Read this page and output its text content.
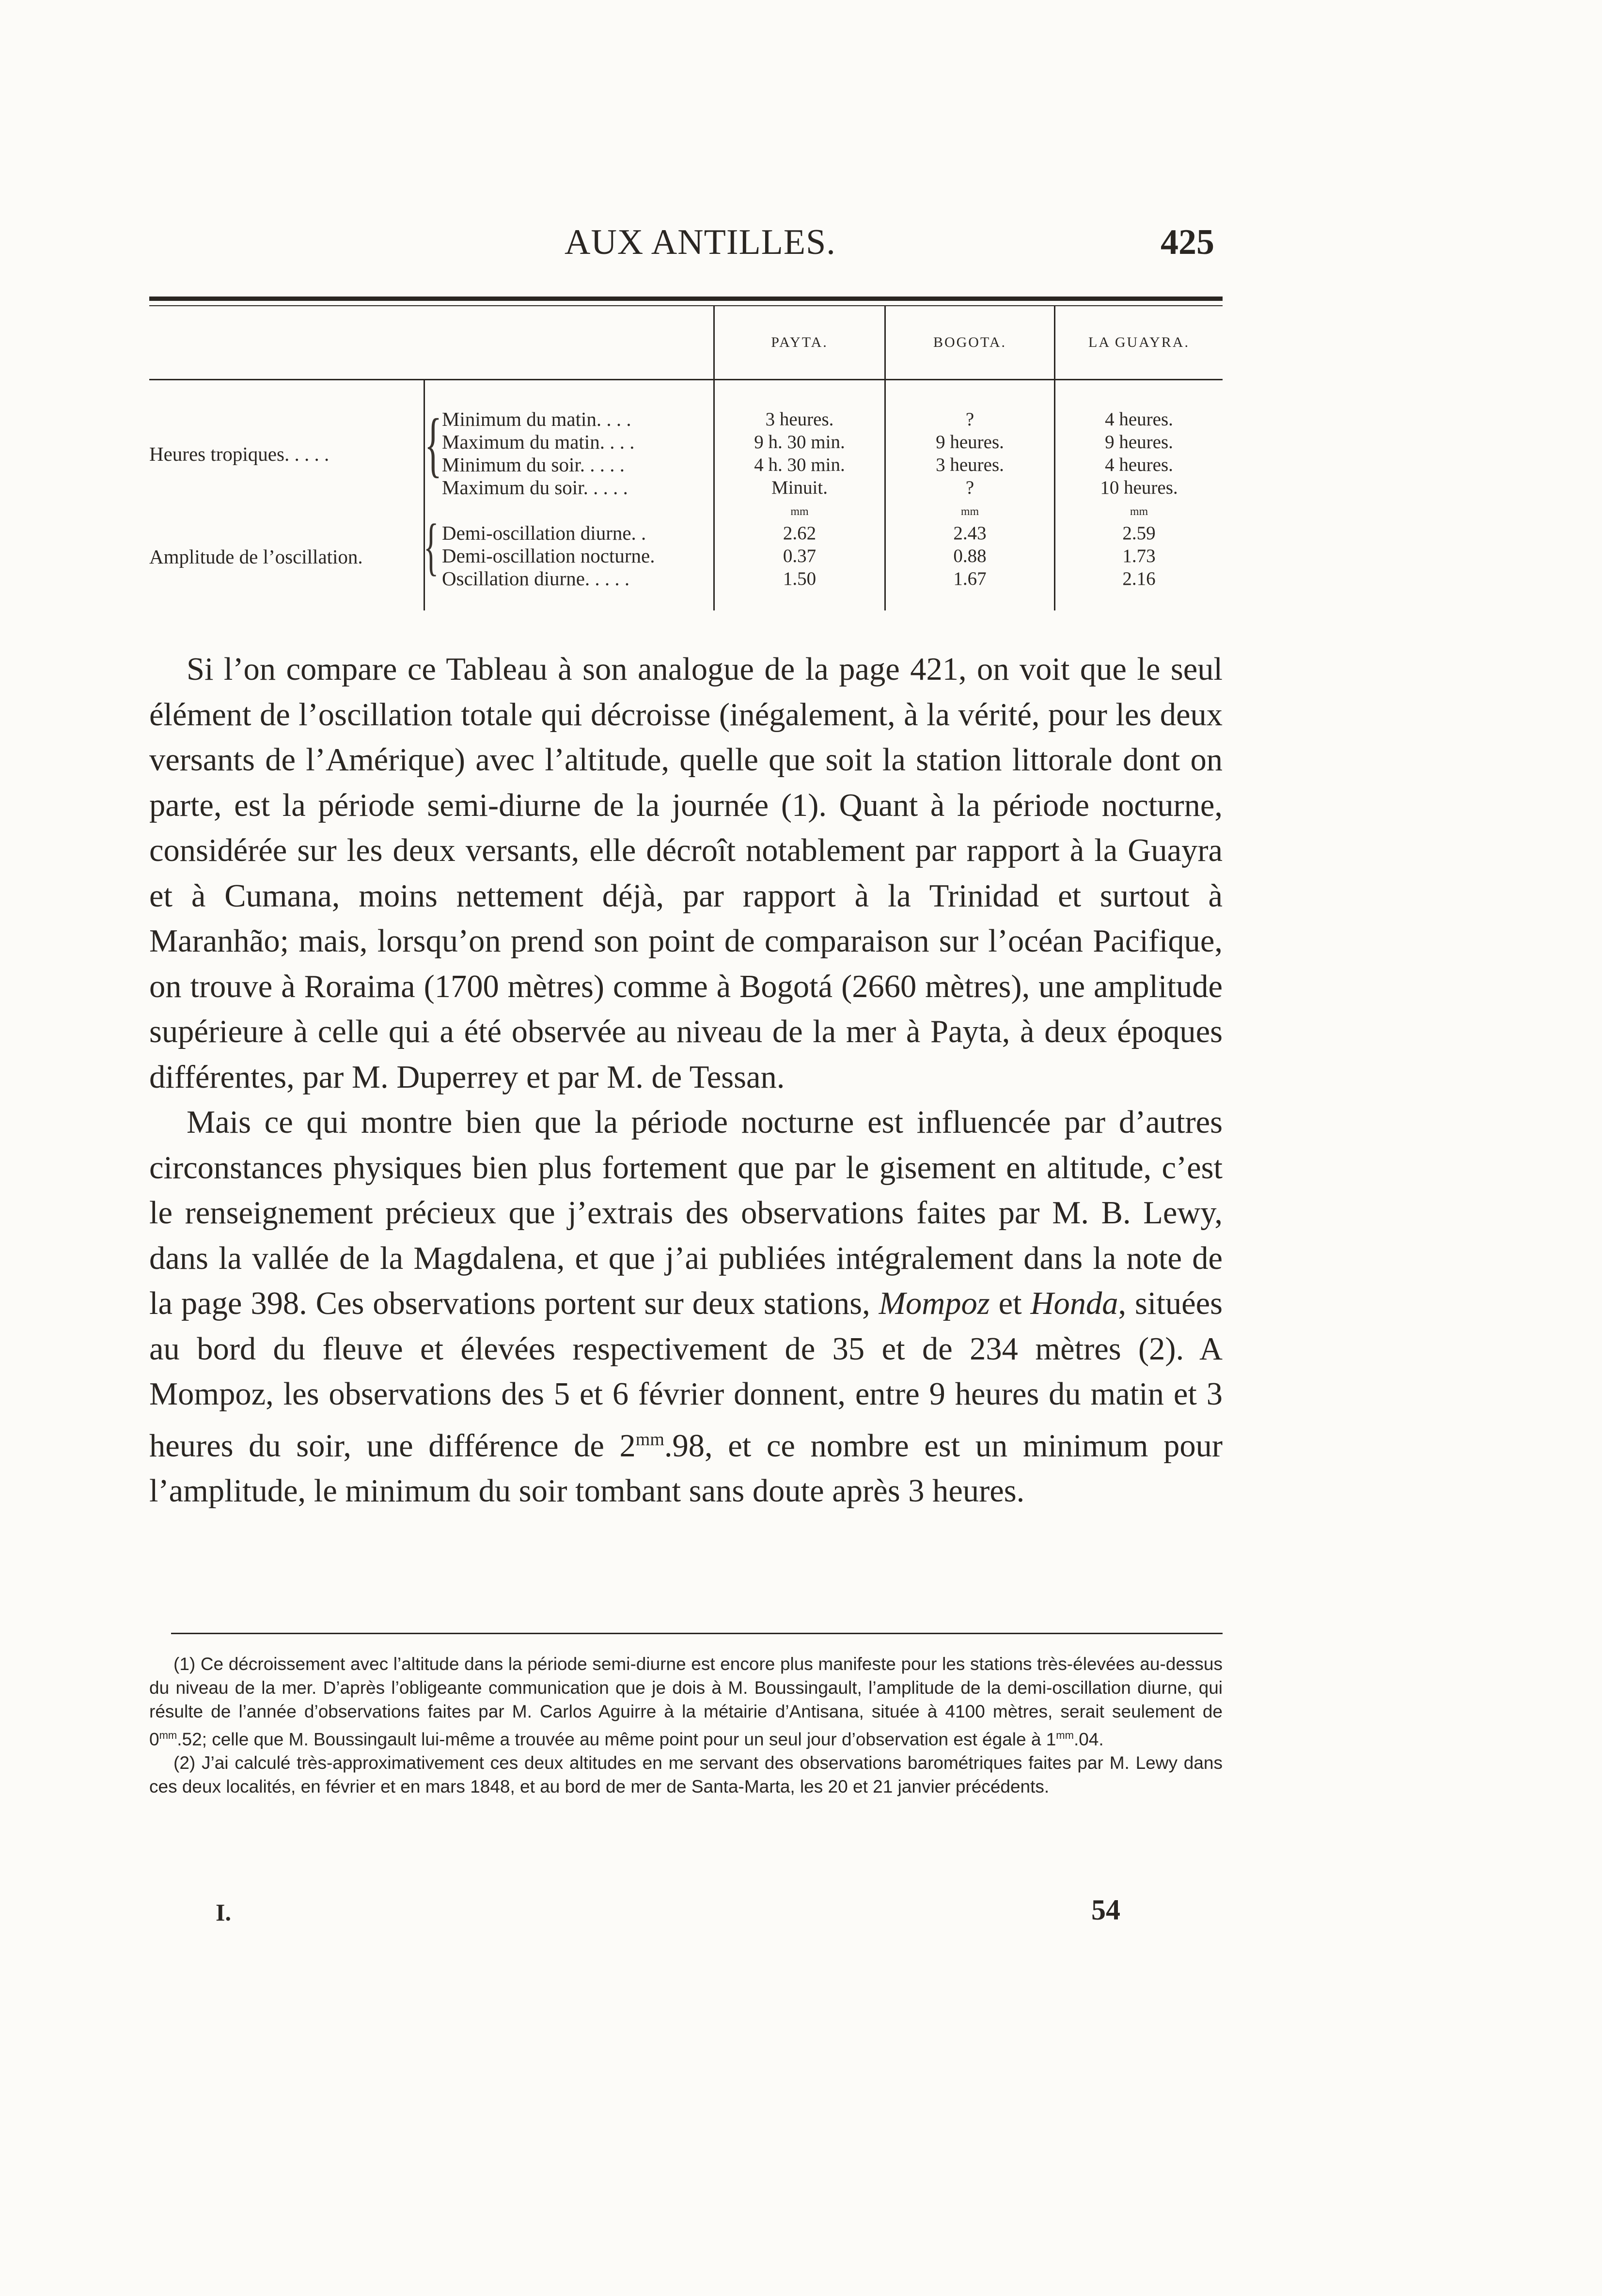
AUX ANTILLES.	425
PAYTA.	BOGOTA.	LA GUAYRA.
Heures tropiques. . . . . { Minimum du matin. . . .	3 heures.	?	4 heures.
Maximum du matin. . . .	9 h. 30 min.	9 heures.	9 heures.
Minimum du soir. . . . .	4 h. 30 min.	3 heures.	4 heures.
Maximum du soir. . . . .	Minuit.	?	10 heures.
mm	mm	mm
Amplitude de l’oscillation. { Demi-oscillation diurne. .	2.62	2.43	2.59
Demi-oscillation nocturne.	0.37	0.88	1.73
Oscillation diurne. . . . .	1.50	1.67	2.16

Si l’on compare ce Tableau à son analogue de la page 421, on voit que le seul élément de l’oscillation totale qui décroisse (inégalement, à la vérité, pour les deux versants de l’Amérique) avec l’altitude, quelle que soit la station littorale dont on parte, est la période semi-diurne de la journée (1). Quant à la période nocturne, considérée sur les deux versants, elle décroît notablement par rapport à la Guayra et à Cumana, moins nettement déjà, par rapport à la Trinidad et surtout à Maranhão; mais, lorsqu’on prend son point de comparaison sur l’océan Pacifique, on trouve à Roraima (1700 mètres) comme à Bogotá (2660 mètres), une amplitude supérieure à celle qui a été observée au niveau de la mer à Payta, à deux époques différentes, par M. Duperrey et par M. de Tessan.

Mais ce qui montre bien que la période nocturne est influencée par d’autres circonstances physiques bien plus fortement que par le gisement en altitude, c’est le renseignement précieux que j’extrais des observations faites par M. B. Lewy, dans la vallée de la Magdalena, et que j’ai publiées intégralement dans la note de la page 398. Ces observations portent sur deux stations, Mompoz et Honda, situées au bord du fleuve et élevées respectivement de 35 et de 234 mètres (2). A Mompoz, les observations des 5 et 6 février donnent, entre 9 heures du matin et 3 heures du soir, une différence de $2^{mm}.98$, et ce nombre est un minimum pour l’amplitude, le minimum du soir tombant sans doute après 3 heures.

(1) Ce décroissement avec l’altitude dans la période semi-diurne est encore plus manifeste pour les stations très-élevées au-dessus du niveau de la mer. D’après l’obligeante communication que je dois à M. Boussingault, l’amplitude de la demi-oscillation diurne, qui résulte de l’année d’observations faites par M. Carlos Aguirre à la métairie d’Antisana, située à 4100 mètres, serait seulement de $0^{mm}.52$; celle que M. Boussingault lui-même a trouvée au même point pour un seul jour d’observation est égale à $1^{mm}.04$.

(2) J’ai calculé très-approximativement ces deux altitudes en me servant des observations barométriques faites par M. Lewy dans ces deux localités, en février et en mars 1848, et au bord de mer de Santa-Marta, les 20 et 21 janvier précédents.

I.	54
